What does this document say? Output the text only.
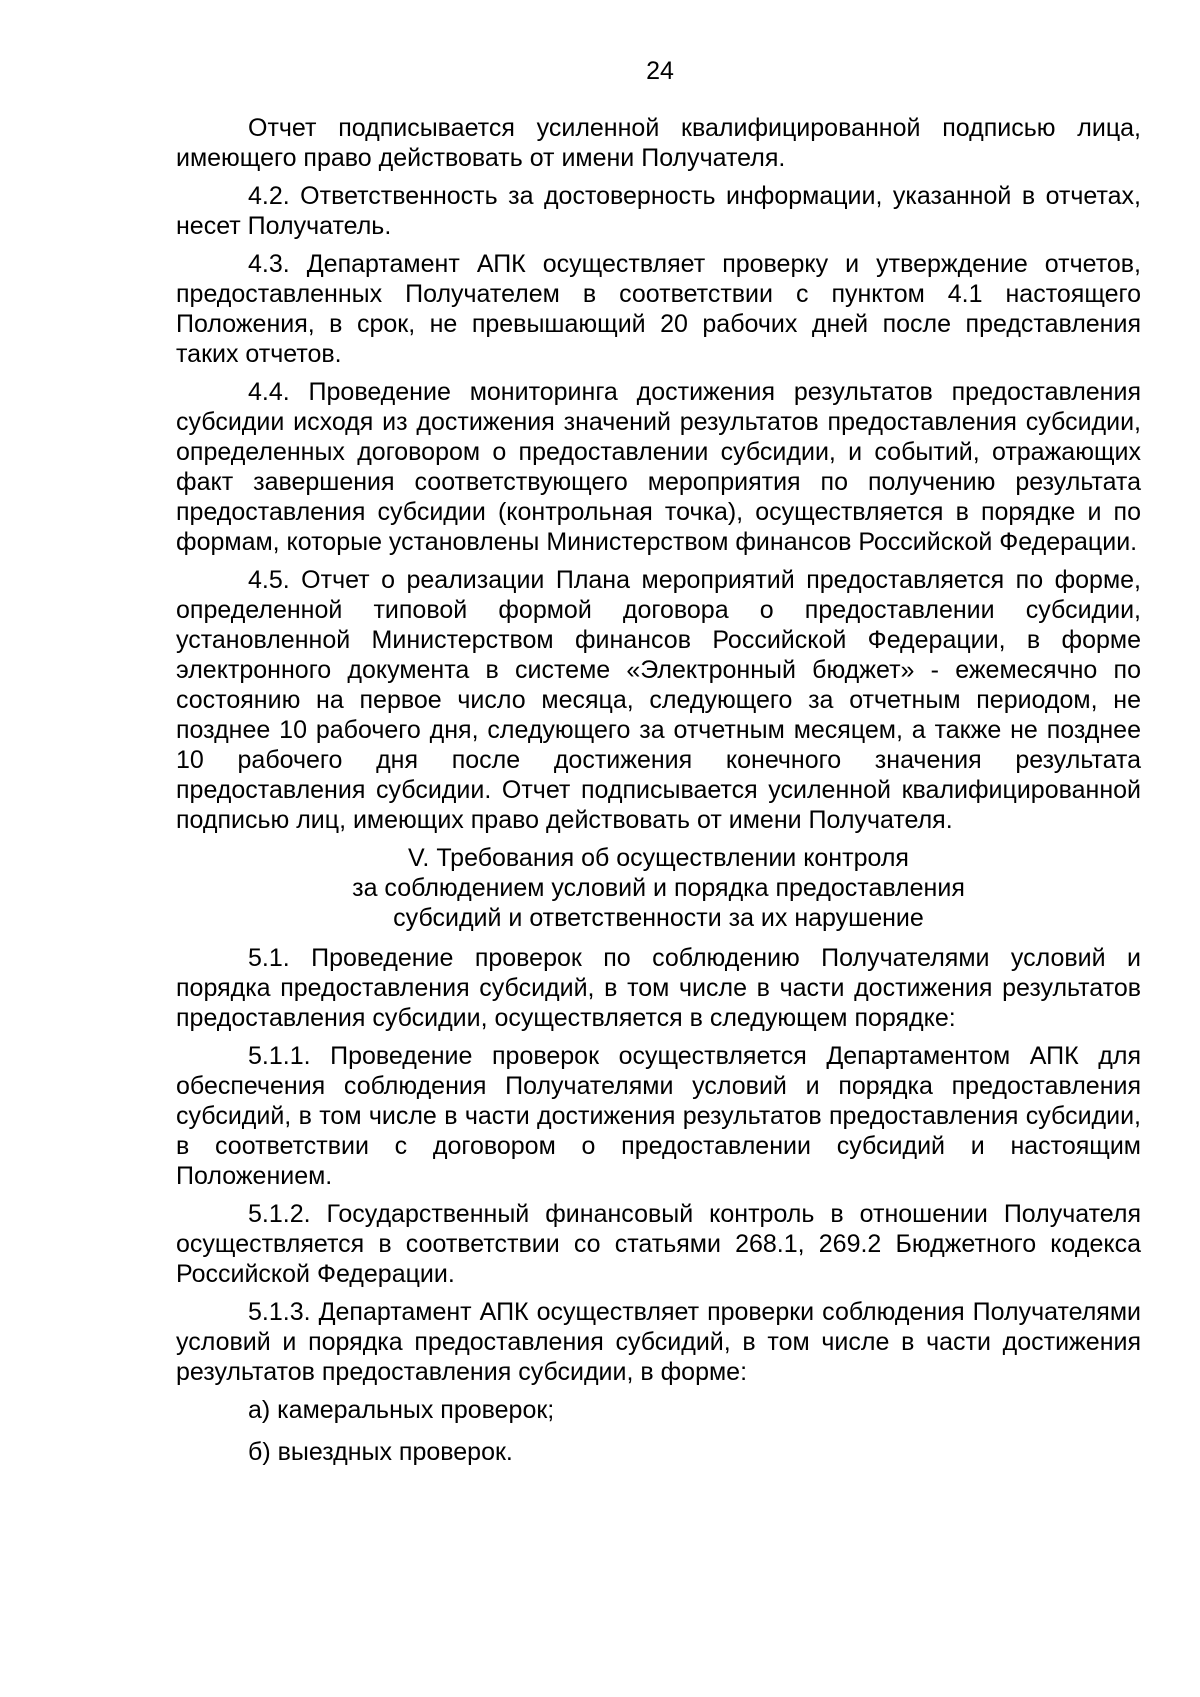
24

Отчет подписывается усиленной квалифицированной подписью лица, имеющего право действовать от имени Получателя.

4.2. Ответственность за достоверность информации, указанной в отчетах, несет Получатель.

4.3. Департамент АПК осуществляет проверку и утверждение отчетов, предоставленных Получателем в соответствии с пунктом 4.1 настоящего Положения, в срок, не превышающий 20 рабочих дней после представления таких отчетов.

4.4. Проведение мониторинга достижения результатов предоставления субсидии исходя из достижения значений результатов предоставления субсидии, определенных договором о предоставлении субсидии, и событий, отражающих факт завершения соответствующего мероприятия по получению результата предоставления субсидии (контрольная точка), осуществляется в порядке и по формам, которые установлены Министерством финансов Российской Федерации.

4.5. Отчет о реализации Плана мероприятий предоставляется по форме, определенной типовой формой договора о предоставлении субсидии, установленной Министерством финансов Российской Федерации, в форме электронного документа в системе «Электронный бюджет» - ежемесячно по состоянию на первое число месяца, следующего за отчетным периодом, не позднее 10 рабочего дня, следующего за отчетным месяцем, а также не позднее 10 рабочего дня после достижения конечного значения результата предоставления субсидии. Отчет подписывается усиленной квалифицированной подписью лиц, имеющих право действовать от имени Получателя.

V. Требования об осуществлении контроля
за соблюдением условий и порядка предоставления
субсидий и ответственности за их нарушение

5.1. Проведение проверок по соблюдению Получателями условий и порядка предоставления субсидий, в том числе в части достижения результатов предоставления субсидии, осуществляется в следующем порядке:

5.1.1. Проведение проверок осуществляется Департаментом АПК для обеспечения соблюдения Получателями условий и порядка предоставления субсидий, в том числе в части достижения результатов предоставления субсидии, в соответствии с договором о предоставлении субсидий и настоящим Положением.

5.1.2. Государственный финансовый контроль в отношении Получателя осуществляется в соответствии со статьями 268.1, 269.2 Бюджетного кодекса Российской Федерации.

5.1.3. Департамент АПК осуществляет проверки соблюдения Получателями условий и порядка предоставления субсидий, в том числе в части достижения результатов предоставления субсидии, в форме:

а) камеральных проверок;

б) выездных проверок.
